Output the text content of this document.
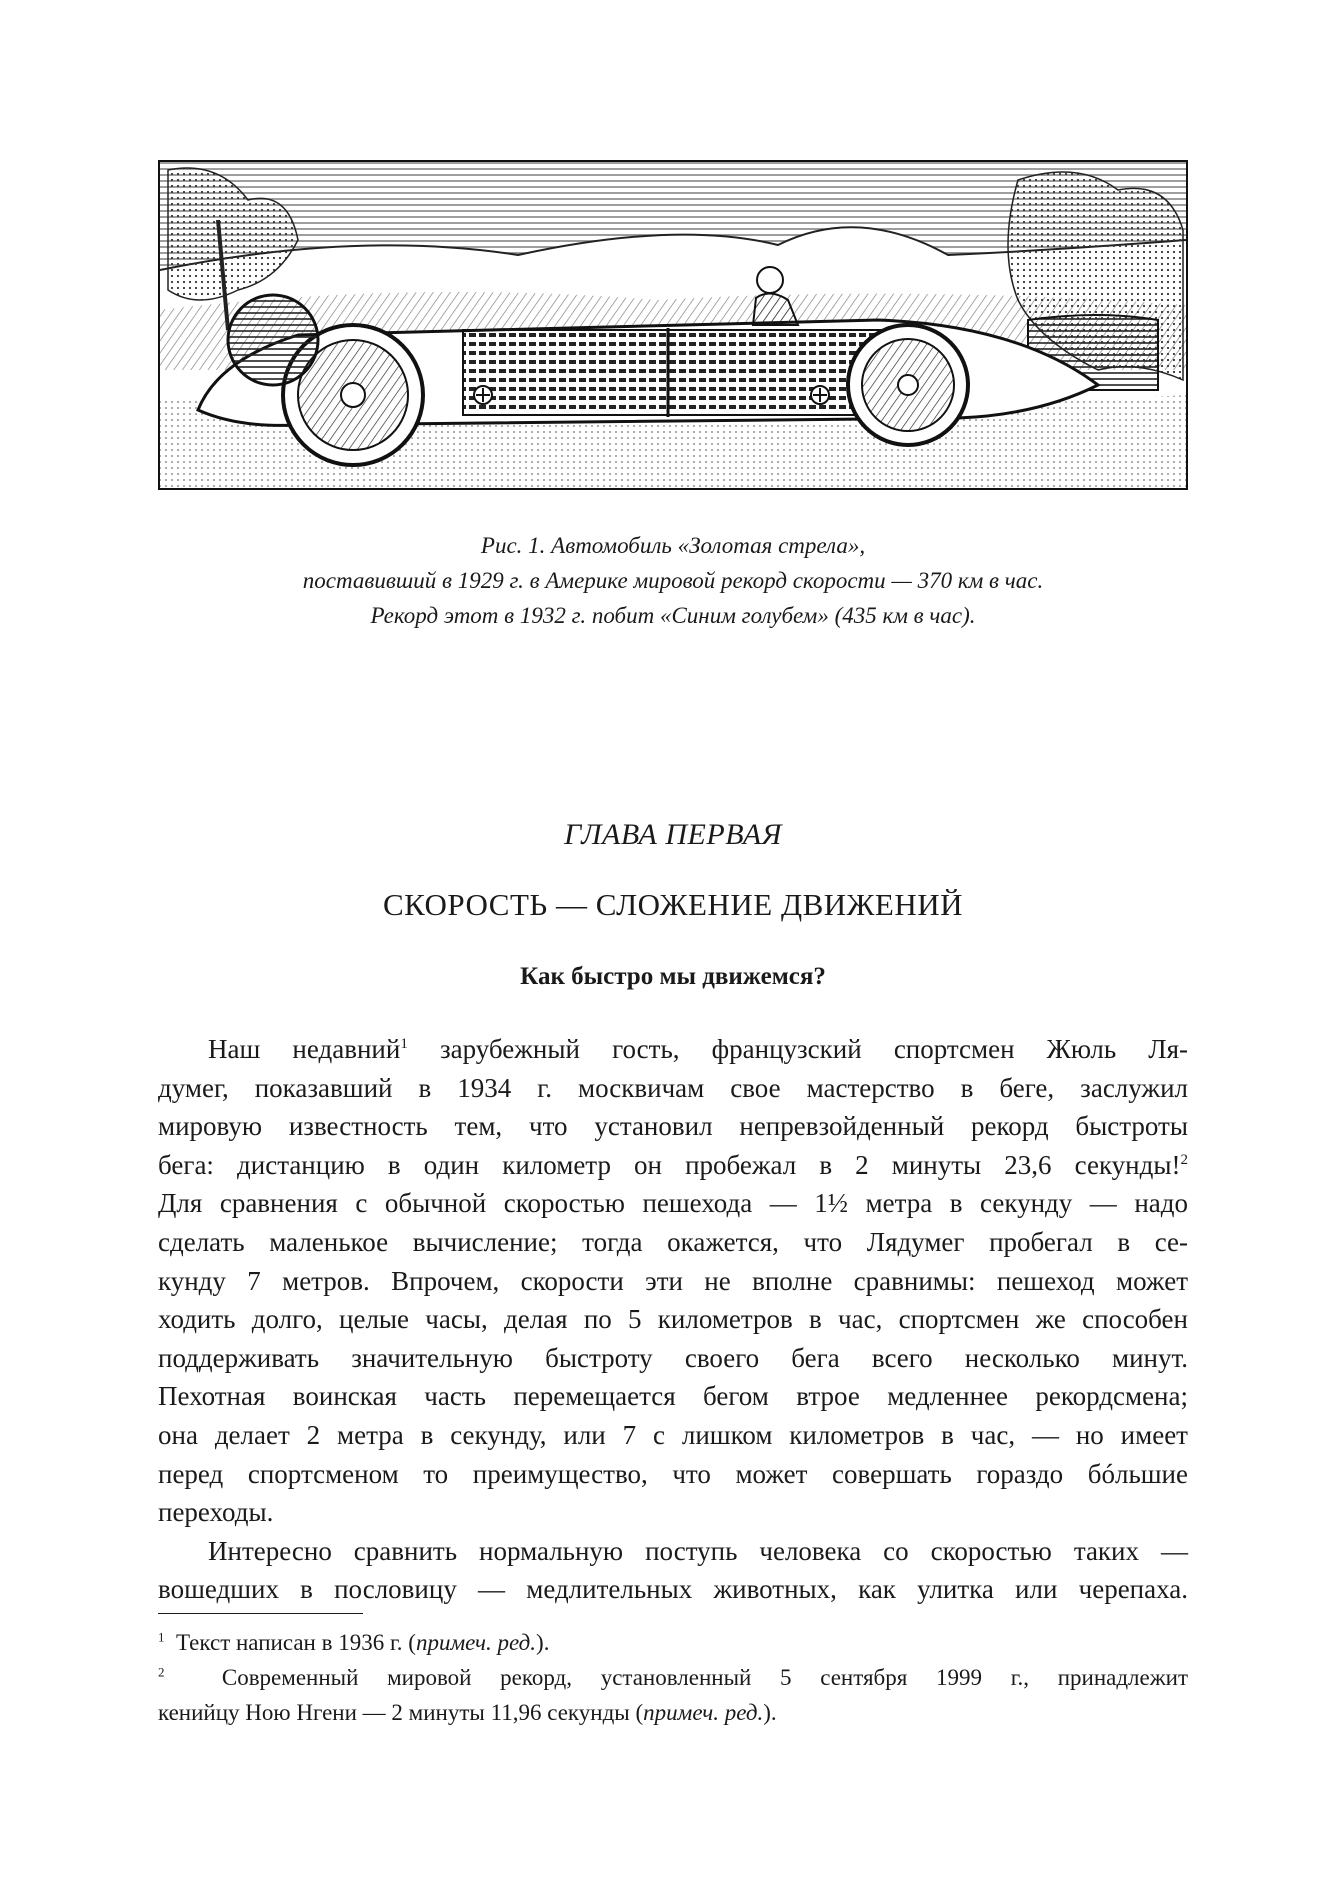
Рис. 1. Автомобиль «Золотая стрела»,
поставивший в 1929 г. в Америке мировой рекорд скорости — 370 км в час.
Рекорд этот в 1932 г. побит «Синим голубем» (435 км в час).
ГЛАВА ПЕРВАЯ
СКОРОСТЬ — СЛОЖЕНИЕ ДВИЖЕНИЙ
Как быстро мы движемся?
Наш недавний$^1$ зарубежный гость, французский спортсмен Жюль Ля-
думег, показавший в 1934 г. москвичам свое мастерство в беге, заслужил
мировую известность тем, что установил непревзойденный рекорд быстроты
бега: дистанцию в один километр он пробежал в 2 минуты 23,6 секунды!$^2$
Для сравнения с обычной скоростью пешехода — 1½ метра в секунду — надо
сделать маленькое вычисление; тогда окажется, что Лядумег пробегал в се-
кунду 7 метров. Впрочем, скорости эти не вполне сравнимы: пешеход может
ходить долго, целые часы, делая по 5 километров в час, спортсмен же способен
поддерживать значительную быстроту своего бега всего несколько минут.
Пехотная воинская часть перемещается бегом втрое медленнее рекордсмена;
она делает 2 метра в секунду, или 7 с лишком километров в час, — но имеет
перед спортсменом то преимущество, что может совершать гораздо бóльшие
переходы.
Интересно сравнить нормальную поступь человека со скоростью таких —
вошедших в пословицу — медлительных животных, как улитка или черепаха.
$^1$ Текст написан в 1936 г. (примеч. ред.).
$^2$ Современный мировой рекорд, установленный 5 сентября 1999 г., принадлежит
кенийцу Ною Нгени — 2 минуты 11,96 секунды (примеч. ред.).
